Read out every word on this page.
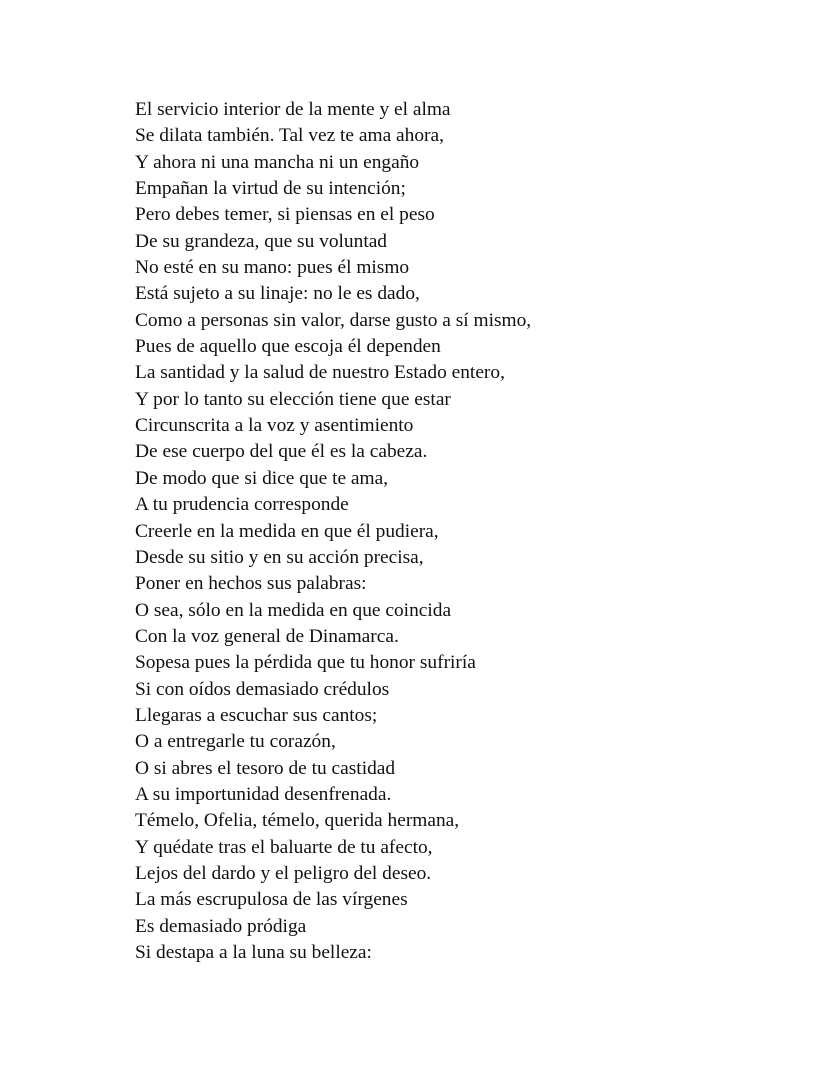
El servicio interior de la mente y el alma
Se dilata también. Tal vez te ama ahora,
Y ahora ni una mancha ni un engaño
Empañan la virtud de su intención;
Pero debes temer, si piensas en el peso
De su grandeza, que su voluntad
No esté en su mano: pues él mismo
Está sujeto a su linaje: no le es dado,
Como a personas sin valor, darse gusto a sí mismo,
Pues de aquello que escoja él dependen
La santidad y la salud de nuestro Estado entero,
Y por lo tanto su elección tiene que estar
Circunscrita a la voz y asentimiento
De ese cuerpo del que él es la cabeza.
De modo que si dice que te ama,
A tu prudencia corresponde
Creerle en la medida en que él pudiera,
Desde su sitio y en su acción precisa,
Poner en hechos sus palabras:
O sea, sólo en la medida en que coincida
Con la voz general de Dinamarca.
Sopesa pues la pérdida que tu honor sufriría
Si con oídos demasiado crédulos
Llegaras a escuchar sus cantos;
O a entregarle tu corazón,
O si abres el tesoro de tu castidad
A su importunidad desenfrenada.
Témelo, Ofelia, témelo, querida hermana,
Y quédate tras el baluarte de tu afecto,
Lejos del dardo y el peligro del deseo.
La más escrupulosa de las vírgenes
Es demasiado pródiga
Si destapa a la luna su belleza:
